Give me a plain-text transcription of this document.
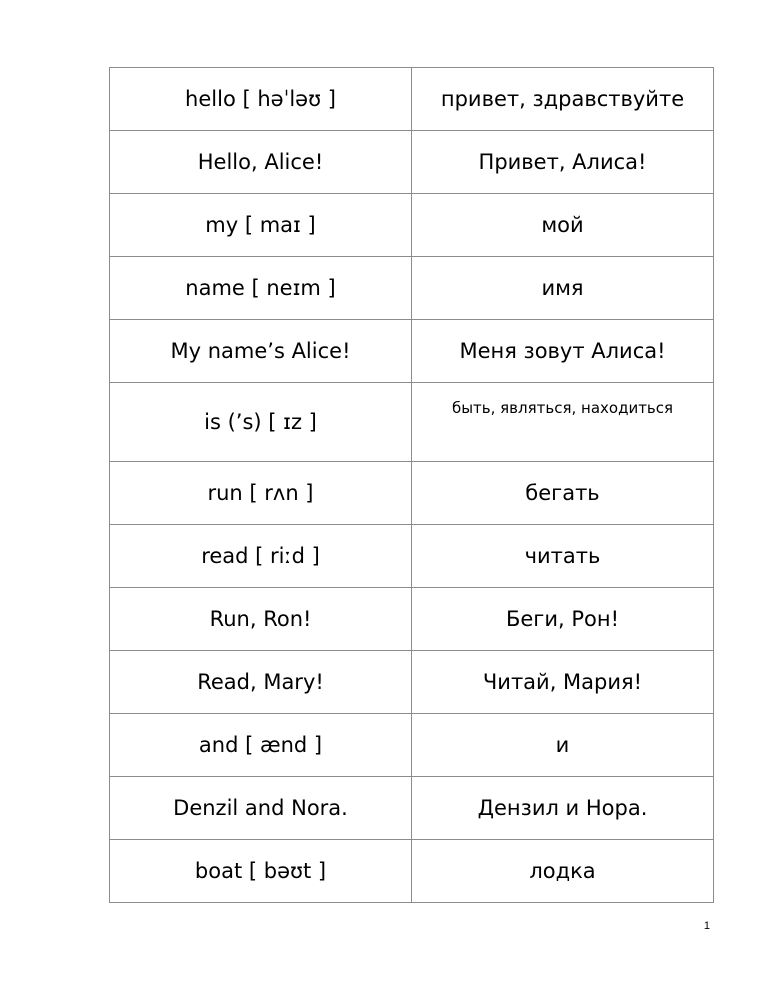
hello [ həˈləʊ ]	привет, здравствуйте
Hello, Alice!	Привет, Алиса!
my [ maɪ ]	мой
name [ neɪm ]	имя
My name’s Alice!	Меня зовут Алиса!
is (’s) [ ɪz ]	быть, являться, находиться
run [ rʌn ]	бегать
read [ riːd ]	читать
Run, Ron!	Беги, Рон!
Read, Mary!	Читай, Мария!
and [ ænd ]	и
Denzil and Nora.	Дензил и Нора.
boat [ bəʊt ]	лодка
1
